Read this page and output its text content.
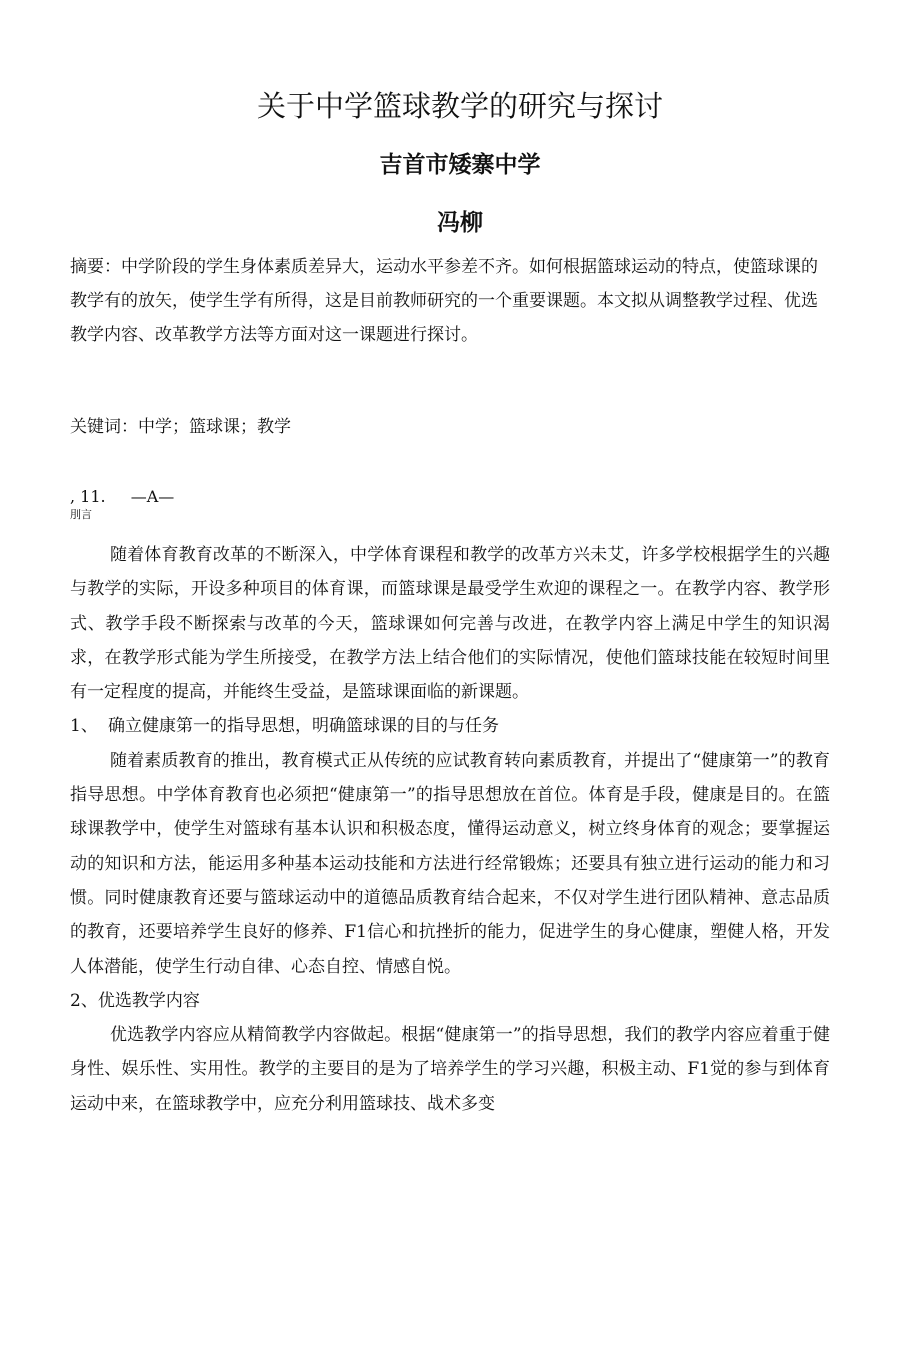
关于中学篮球教学的研究与探讨
吉首市矮寨中学
冯柳

摘要：中学阶段的学生身体素质差异大，运动水平参差不齐。如何根据篮球运动的特点，使篮球课的教学有的放矢，使学生学有所得，这是目前教师研究的一个重要课题。本文拟从调整教学过程、优选教学内容、改革教学方法等方面对这一课题进行探讨。

关键词：中学；篮球课；教学

, 11. —A—
刖言

随着体育教育改革的不断深入，中学体育课程和教学的改革方兴未艾，许多学校根据学生的兴趣与教学的实际，开设多种项目的体育课，而篮球课是最受学生欢迎的课程之一。在教学内容、教学形式、教学手段不断探索与改革的今天，篮球课如何完善与改进，在教学内容上满足中学生的知识渴求，在教学形式能为学生所接受，在教学方法上结合他们的实际情况，使他们篮球技能在较短时间里有一定程度的提高，并能终生受益，是篮球课面临的新课题。

1、 确立健康第一的指导思想，明确篮球课的目的与任务

随着素质教育的推出，教育模式正从传统的应试教育转向素质教育，并提出了“健康第一”的教育指导思想。中学体育教育也必须把“健康第一”的指导思想放在首位。体育是手段，健康是目的。在篮球课教学中，使学生对篮球有基本认识和积极态度，懂得运动意义，树立终身体育的观念；要掌握运动的知识和方法，能运用多种基本运动技能和方法进行经常锻炼；还要具有独立进行运动的能力和习惯。同时健康教育还要与篮球运动中的道德品质教育结合起来，不仅对学生进行团队精神、意志品质的教育，还要培养学生良好的修养、F1信心和抗挫折的能力，促进学生的身心健康，塑健人格，开发人体潜能，使学生行动自律、心态自控、情感自悦。

2、优选教学内容

优选教学内容应从精简教学内容做起。根据“健康第一”的指导思想，我们的教学内容应着重于健身性、娱乐性、实用性。教学的主要目的是为了培养学生的学习兴趣，积极主动、F1觉的参与到体育运动中来，在篮球教学中，应充分利用篮球技、战术多变
